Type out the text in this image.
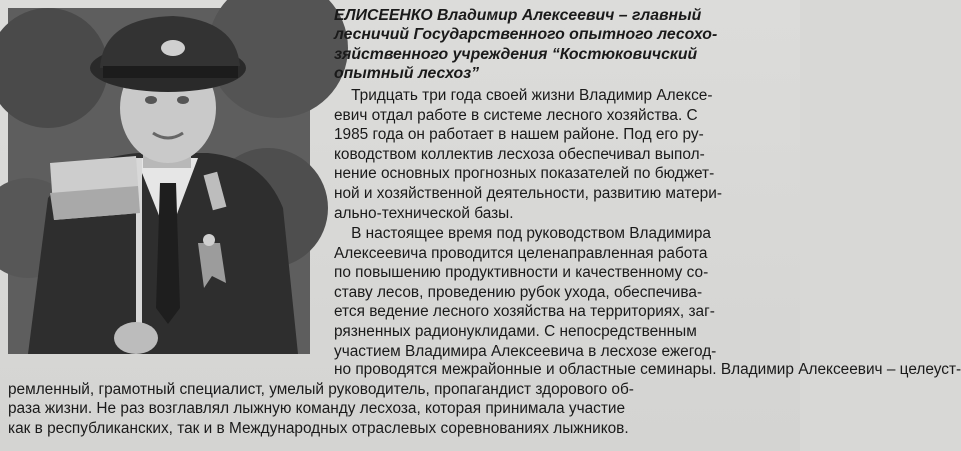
ЕЛИСЕЕНКО Владимир Алексеевич – главный
лесничий Государственного опытного лесохо-
зяйственного учреждения “Костюковичский
опытный лесхоз”

Тридцать три года своей жизни Владимир Алексе-
евич отдал работе в системе лесного хозяйства. С
1985 года он работает в нашем районе. Под его ру-
ководством коллектив лесхоза обеспечивал выпол-
нение основных прогнозных показателей по бюджет-
ной и хозяйственной деятельности, развитию матери-
ально-технической базы.

В настоящее время под руководством Владимира
Алексеевича проводится целенаправленная работа
по повышению продуктивности и качественному со-
ставу лесов, проведению рубок ухода, обеспечива-
ется ведение лесного хозяйства на территориях, заг-
рязненных радионуклидами. С непосредственным
участием Владимира Алексеевича в лесхозе ежегод-

но проводятся межрайонные и областные семинары. Владимир Алексеевич – целеуст-
ремленный, грамотный специалист, умелый руководитель, пропагандист здорового об-
раза жизни. Не раз возглавлял лыжную команду лесхоза, которая принимала участие
как в республиканских, так и в Международных отраслевых соревнованиях лыжников.
